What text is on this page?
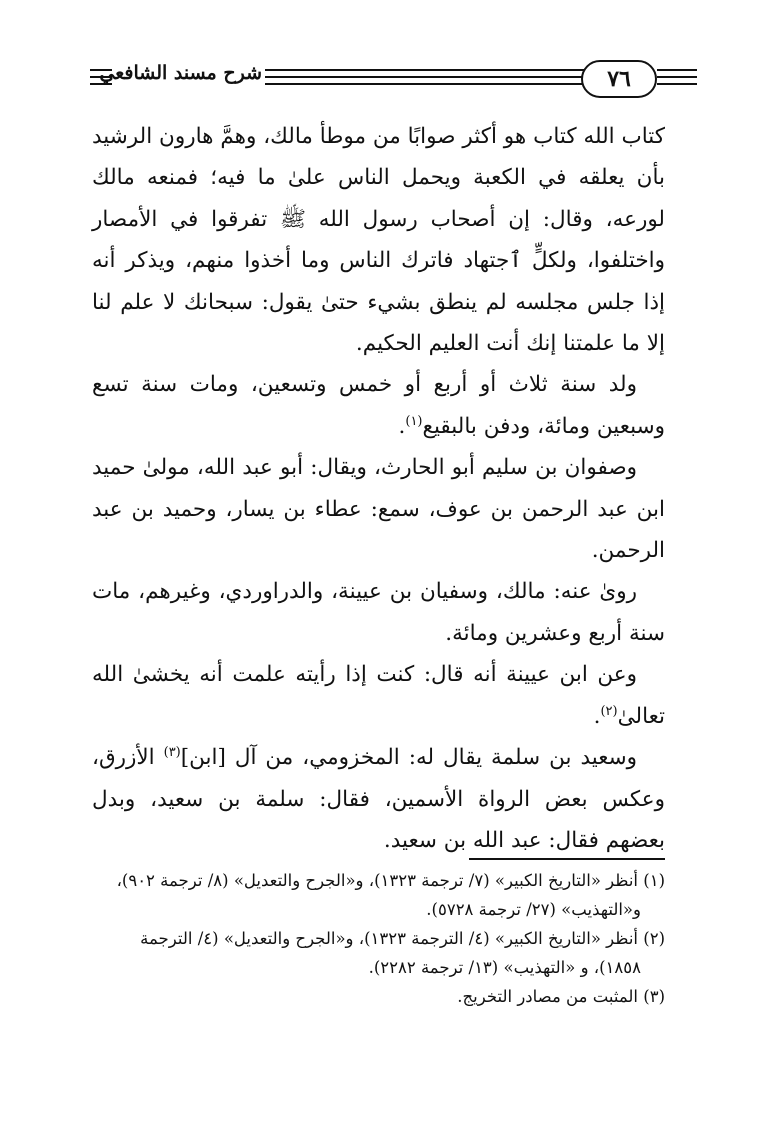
٧٦
شرح مسند الشافعي

كتاب الله كتاب هو أكثر صوابًا من موطأ مالك، وهمَّ هارون الرشيد بأن يعلقه في الكعبة ويحمل الناس علىٰ ما فيه؛ فمنعه مالك لورعه، وقال: إن أصحاب رسول الله ﷺ تفرقوا في الأمصار واختلفوا، ولكلٍّ ٱجتهاد فاترك الناس وما أخذوا منهم، ويذكر أنه إذا جلس مجلسه لم ينطق بشيء حتىٰ يقول: سبحانك لا علم لنا إلا ما علمتنا إنك أنت العليم الحكيم.

ولد سنة ثلاث أو أربع أو خمس وتسعين، ومات سنة تسع وسبعين ومائة، ودفن بالبقيع$^{(١)}$.

وصفوان بن سليم أبو الحارث، ويقال: أبو عبد الله، مولىٰ حميد ابن عبد الرحمن بن عوف، سمع: عطاء بن يسار، وحميد بن عبد الرحمن.

روىٰ عنه: مالك، وسفيان بن عيينة، والدراوردي، وغيرهم، مات سنة أربع وعشرين ومائة.

وعن ابن عيينة أنه قال: كنت إذا رأيته علمت أنه يخشىٰ الله تعالىٰ$^{(٢)}$.

وسعيد بن سلمة يقال له: المخزومي، من آل [ابن]$^{(٣)}$ الأزرق، وعكس بعض الرواة الأسمين، فقال: سلمة بن سعيد، وبدل بعضهم فقال: عبد الله بن سعيد.

(١) أنظر «التاريخ الكبير» (٧/ ترجمة ١٣٢٣)، و«الجرح والتعديل» (٨/ ترجمة ٩٠٢)،

و«التهذيب» (٢٧/ ترجمة ٥٧٢٨).

(٢) أنظر «التاريخ الكبير» (٤/ الترجمة ١٣٢٣)، و«الجرح والتعديل» (٤/ الترجمة

١٨٥٨)، و «التهذيب» (١٣/ ترجمة ٢٢٨٢).

(٣) المثبت من مصادر التخريج.
